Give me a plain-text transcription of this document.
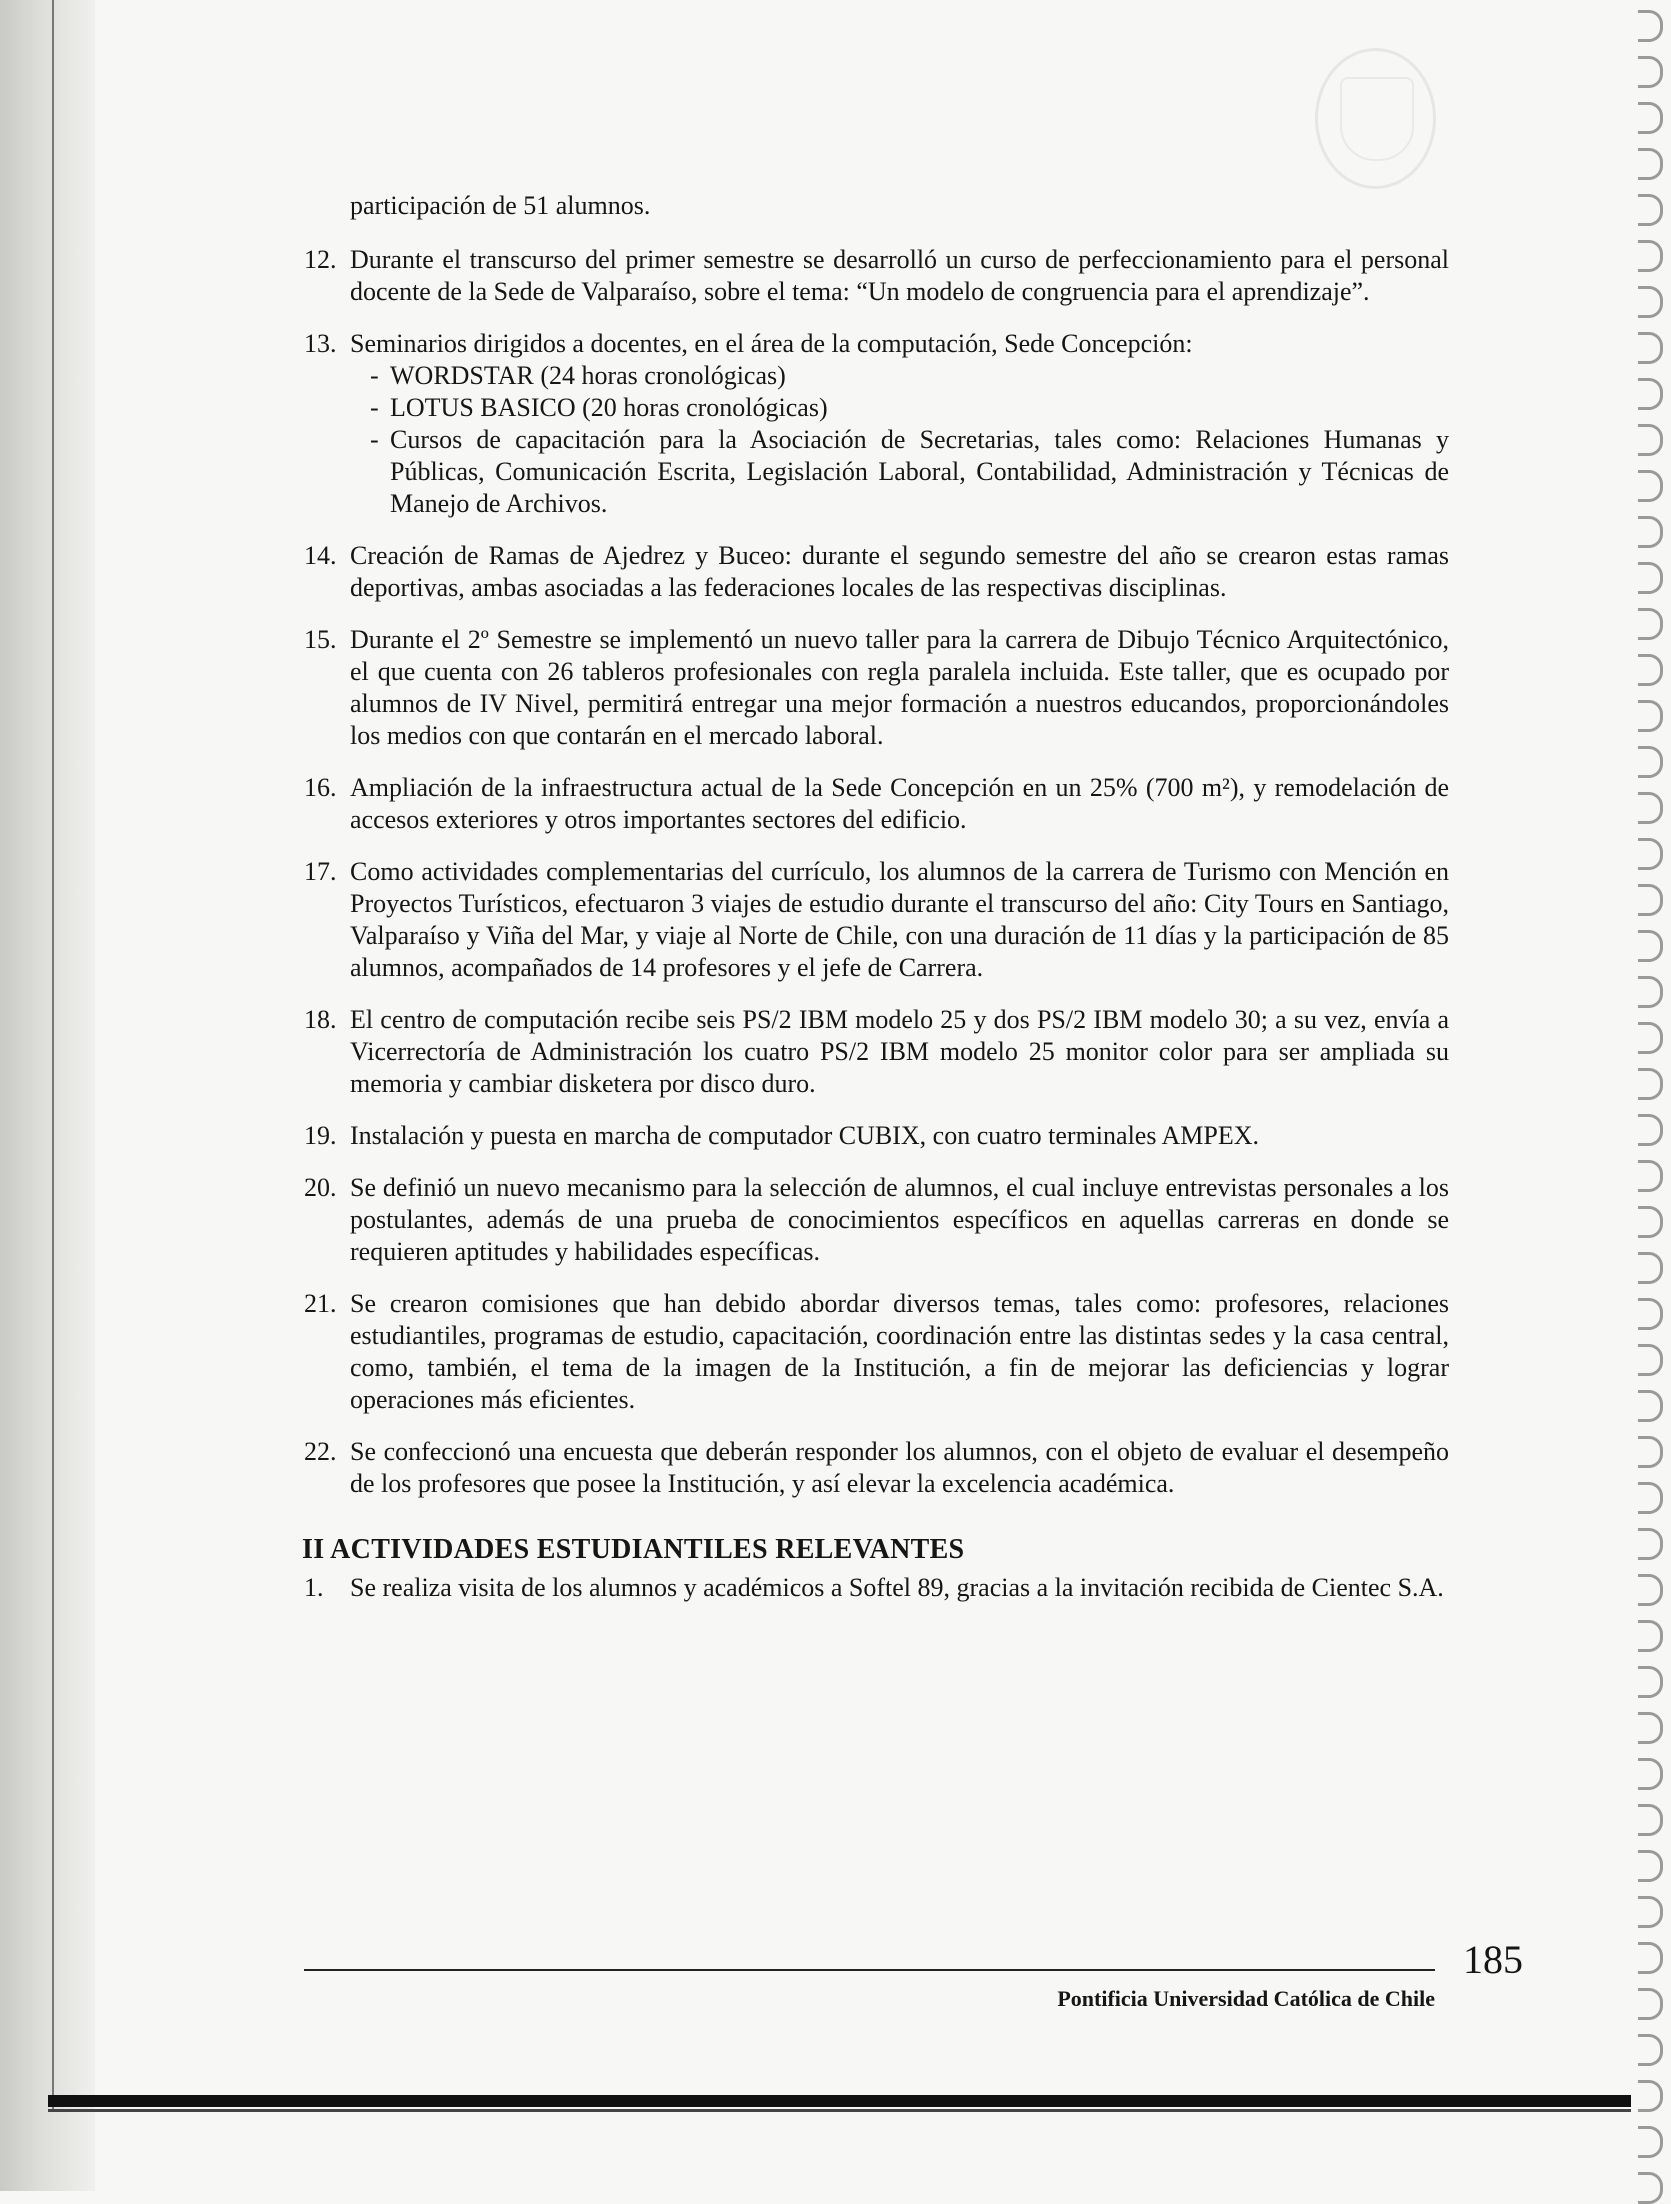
participación de 51 alumnos.
12. Durante el transcurso del primer semestre se desarrolló un curso de perfeccionamiento para el personal docente de la Sede de Valparaíso, sobre el tema: “Un modelo de congruencia para el aprendizaje”.
13. Seminarios dirigidos a docentes, en el área de la computación, Sede Concepción:
- WORDSTAR (24 horas cronológicas)
- LOTUS BASICO (20 horas cronológicas)
- Cursos de capacitación para la Asociación de Secretarias, tales como: Relaciones Humanas y Públicas, Comunicación Escrita, Legislación Laboral, Contabilidad, Administración y Técnicas de Manejo de Archivos.
14. Creación de Ramas de Ajedrez y Buceo: durante el segundo semestre del año se crearon estas ramas deportivas, ambas asociadas a las federaciones locales de las respectivas disciplinas.
15. Durante el 2º Semestre se implementó un nuevo taller para la carrera de Dibujo Técnico Arquitectónico, el que cuenta con 26 tableros profesionales con regla paralela incluida. Este taller, que es ocupado por alumnos de IV Nivel, permitirá entregar una mejor formación a nuestros educandos, proporcionándoles los medios con que contarán en el mercado laboral.
16. Ampliación de la infraestructura actual de la Sede Concepción en un 25% (700 m²), y remodelación de accesos exteriores y otros importantes sectores del edificio.
17. Como actividades complementarias del currículo, los alumnos de la carrera de Turismo con Mención en Proyectos Turísticos, efectuaron 3 viajes de estudio durante el transcurso del año: City Tours en Santiago, Valparaíso y Viña del Mar, y viaje al Norte de Chile, con una duración de 11 días y la participación de 85 alumnos, acompañados de 14 profesores y el jefe de Carrera.
18. El centro de computación recibe seis PS/2 IBM modelo 25 y dos PS/2 IBM modelo 30; a su vez, envía a Vicerrectoría de Administración los cuatro PS/2 IBM modelo 25 monitor color para ser ampliada su memoria y cambiar disketera por disco duro.
19. Instalación y puesta en marcha de computador CUBIX, con cuatro terminales AMPEX.
20. Se definió un nuevo mecanismo para la selección de alumnos, el cual incluye entrevistas personales a los postulantes, además de una prueba de conocimientos específicos en aquellas carreras en donde se requieren aptitudes y habilidades específicas.
21. Se crearon comisiones que han debido abordar diversos temas, tales como: profesores, relaciones estudiantiles, programas de estudio, capacitación, coordinación entre las distintas sedes y la casa central, como, también, el tema de la imagen de la Institución, a fin de mejorar las deficiencias y lograr operaciones más eficientes.
22. Se confeccionó una encuesta que deberán responder los alumnos, con el objeto de evaluar el desempeño de los profesores que posee la Institución, y así elevar la excelencia académica.
II ACTIVIDADES ESTUDIANTILES RELEVANTES
1.	Se realiza visita de los alumnos y académicos a Softel 89, gracias a la invitación recibida de Cientec S.A.
185
Pontificia Universidad Católica de Chile
